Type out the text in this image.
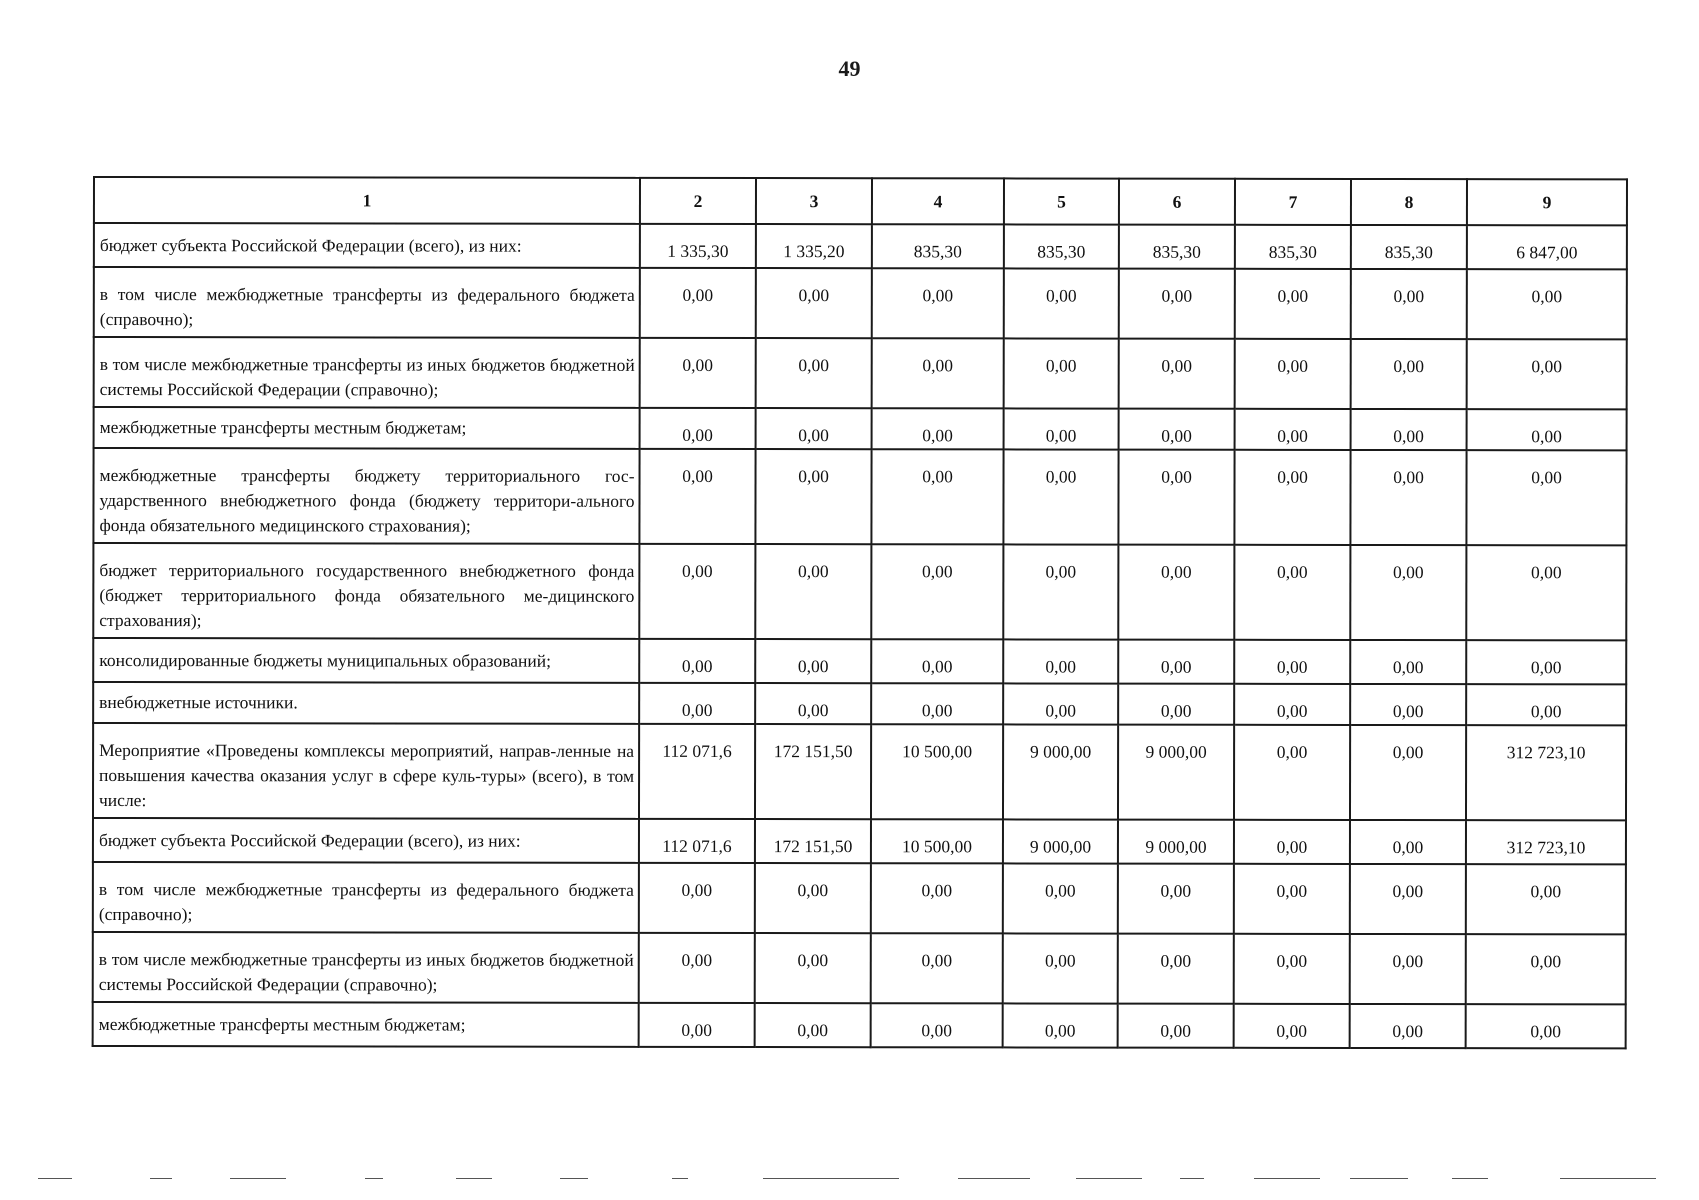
49
1	2	3	4	5	6	7	8	9
бюджет субъекта Российской Федерации (всего), из них:	1 335,30	1 335,20	835,30	835,30	835,30	835,30	835,30	6 847,00
в том числе межбюджетные трансферты из федерального бюджета (справочно);	0,00	0,00	0,00	0,00	0,00	0,00	0,00	0,00
в том числе межбюджетные трансферты из иных бюджетов бюджетной системы Российской Федерации (справочно);	0,00	0,00	0,00	0,00	0,00	0,00	0,00	0,00
межбюджетные трансферты местным бюджетам;	0,00	0,00	0,00	0,00	0,00	0,00	0,00	0,00
межбюджетные трансферты бюджету территориального гос-ударственного внебюджетного фонда (бюджету территори-ального фонда обязательного медицинского страхования);	0,00	0,00	0,00	0,00	0,00	0,00	0,00	0,00
бюджет территориального государственного внебюджетного фонда (бюджет территориального фонда обязательного ме-дицинского страхования);	0,00	0,00	0,00	0,00	0,00	0,00	0,00	0,00
консолидированные бюджеты муниципальных образований;	0,00	0,00	0,00	0,00	0,00	0,00	0,00	0,00
внебюджетные источники.	0,00	0,00	0,00	0,00	0,00	0,00	0,00	0,00
Мероприятие «Проведены комплексы мероприятий, направ-ленные на повышения качества оказания услуг в сфере куль-туры» (всего), в том числе:	112 071,6	172 151,50	10 500,00	9 000,00	9 000,00	0,00	0,00	312 723,10
бюджет субъекта Российской Федерации (всего), из них:	112 071,6	172 151,50	10 500,00	9 000,00	9 000,00	0,00	0,00	312 723,10
в том числе межбюджетные трансферты из федерального бюджета (справочно);	0,00	0,00	0,00	0,00	0,00	0,00	0,00	0,00
в том числе межбюджетные трансферты из иных бюджетов бюджетной системы Российской Федерации (справочно);	0,00	0,00	0,00	0,00	0,00	0,00	0,00	0,00
межбюджетные трансферты местным бюджетам;	0,00	0,00	0,00	0,00	0,00	0,00	0,00	0,00
